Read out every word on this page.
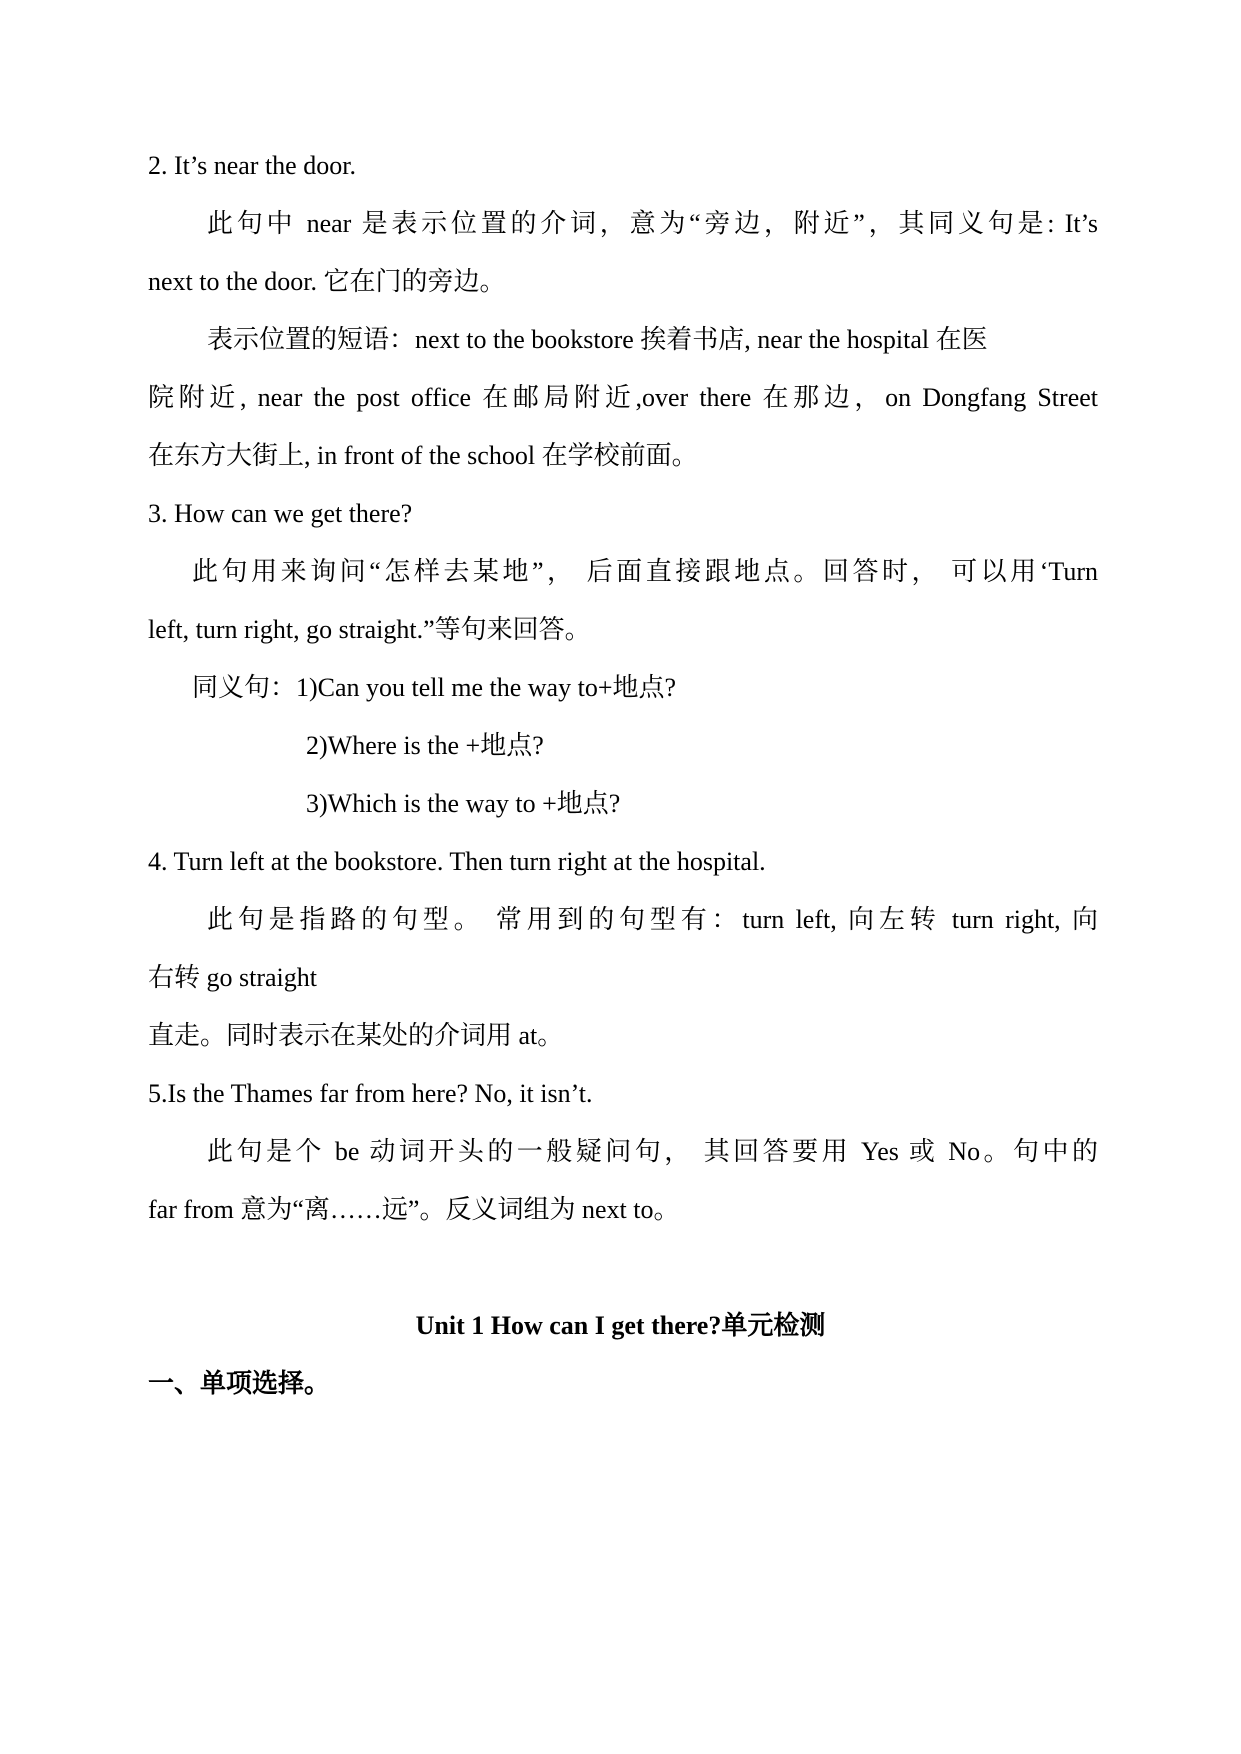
2. It’s near the door.
此句中 near 是表示位置的介词，意为“旁边，附近”，其同义句是: It’s
next to the door. 它在门的旁边。
表示位置的短语：next to the bookstore 挨着书店, near the hospital 在医
院附近, near the post office 在邮局附近,over there 在那边，on Dongfang Street
在东方大街上, in front of the school 在学校前面。
3. How can we get there?
此句用来询问“怎样去某地”， 后面直接跟地点。回答时， 可以用‘Turn
left, turn right, go straight.”等句来回答。
同义句：1)Can you tell me the way to+地点?
2)Where is the +地点?
3)Which is the way to +地点?
4. Turn left at the bookstore. Then turn right at the hospital.
此句是指路的句型。 常用到的句型有：turn left, 向左转 turn right, 向
右转 go straight
直走。同时表示在某处的介词用 at。
5.Is the Thames far from here? No, it isn’t.
此句是个 be 动词开头的一般疑问句， 其回答要用 Yes 或 No。句中的
far from 意为“离……远”。反义词组为 next to。
Unit 1 How can I get there?单元检测
一、单项选择。
